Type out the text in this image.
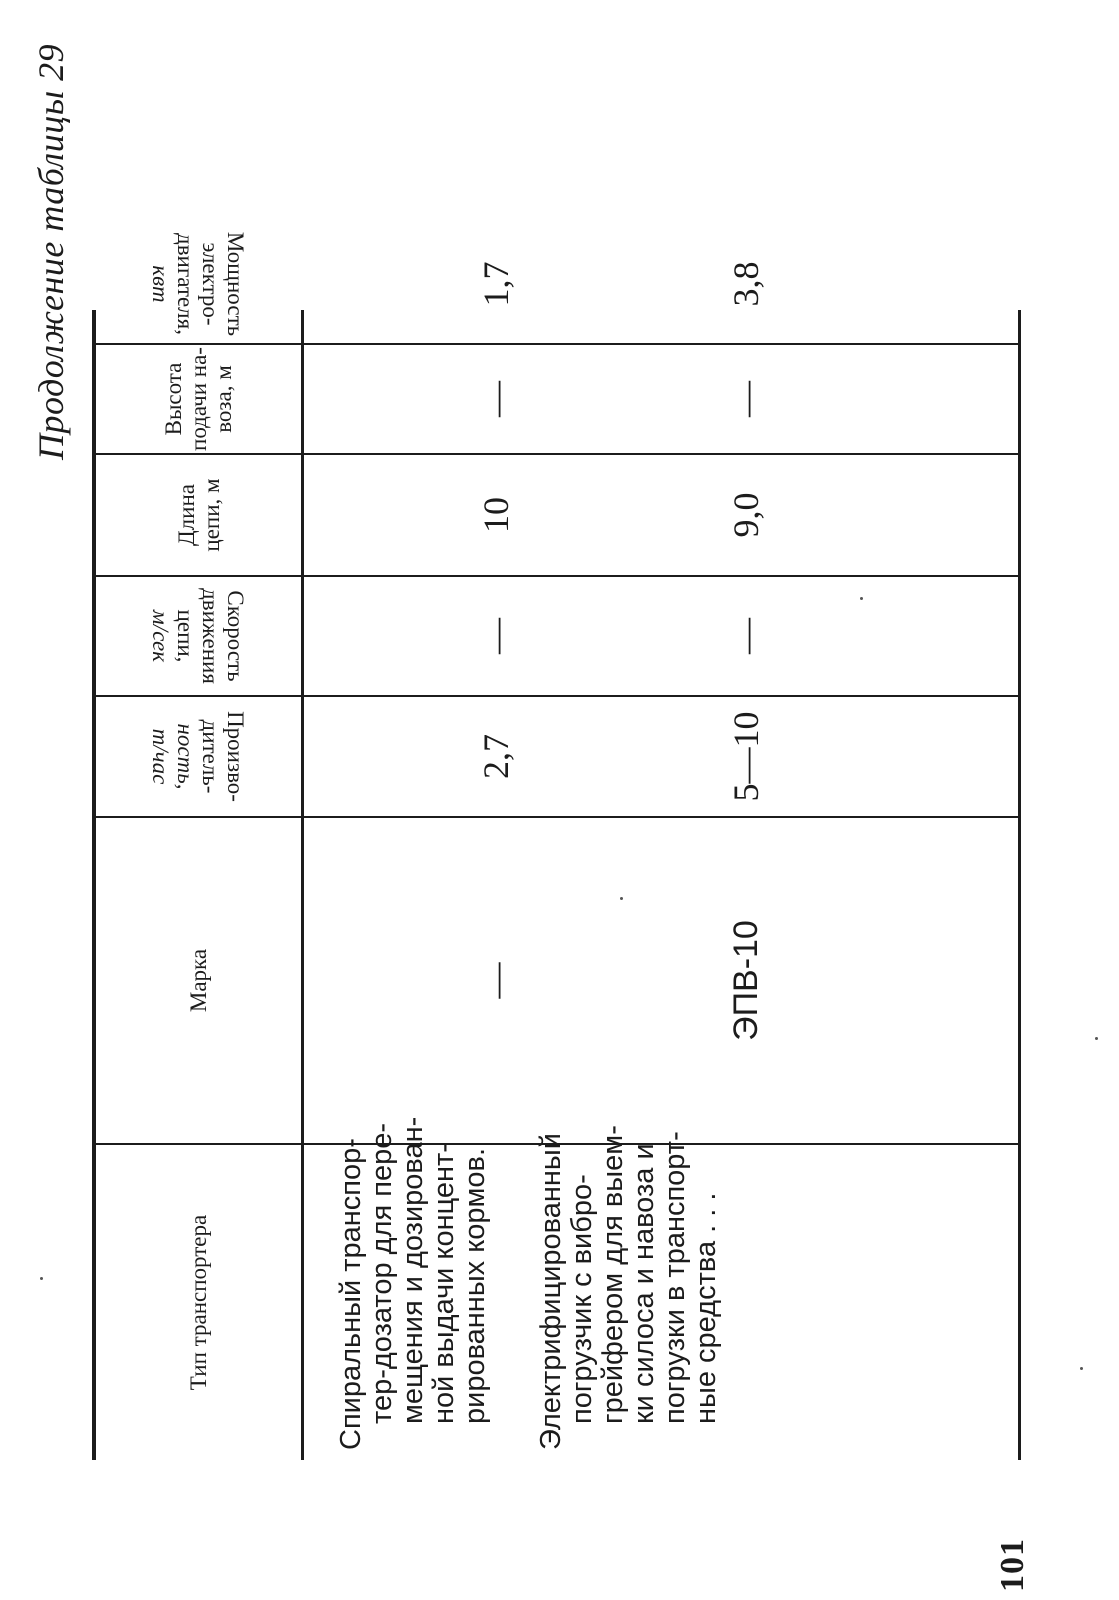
Продолжение таблицы 29
Тип транспортера
Марка
Произво-
дитель-
ность,
т/час
Скорость
движения
цепи,
м/сек
Длина цепи, м
Высота подачи на- воза, м
Мощность
электро-
двигателя,
квт
Спиральный транспор- тер-дозатор для пере- мещения и дозирован- ной выдачи концент- рированных кормов.
—
2,7
—
10
—
1,7
Электрифицированный погрузчик с вибро- грейфером для выем- ки силоса и навоза и погрузки в транспорт- ные средства . . .
ЭПВ-10
5—10
—
9,0
—
3,8
101
